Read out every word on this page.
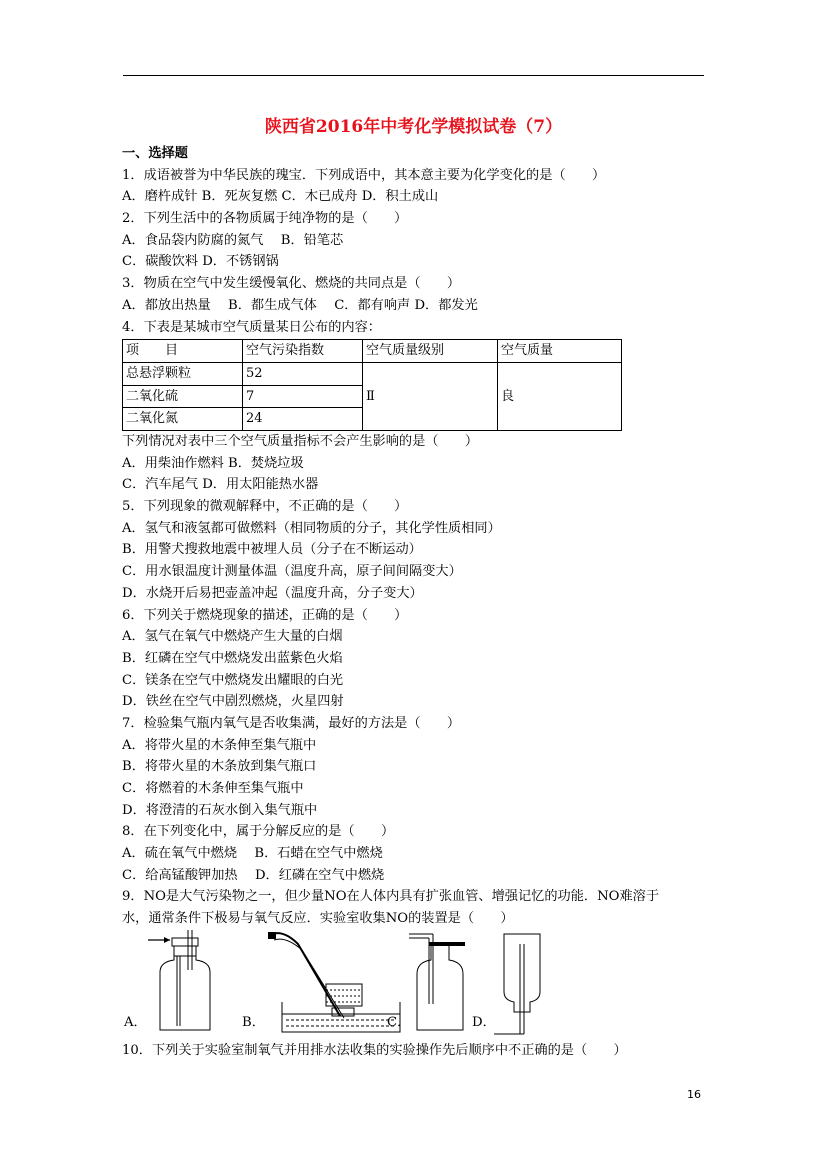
陕西省2016年中考化学模拟试卷（7）
一、选择题
1．成语被誉为中华民族的瑰宝．下列成语中，其本意主要为化学变化的是（　　）
A．磨杵成针 B．死灰复燃 C．木已成舟 D．积土成山
2．下列生活中的各物质属于纯净物的是（　　）
A．食品袋内防腐的氮气　 B．铅笔芯
C．碳酸饮料 D．不锈钢锅
3．物质在空气中发生缓慢氧化、燃烧的共同点是（　　）
A．都放出热量　 B．都生成气体　 C．都有响声 D．都发光
4．下表是某城市空气质量某日公布的内容：
项　　目	空气污染指数	空气质量级别	空气质量
总悬浮颗粒	52	Ⅱ	良
二氧化硫	7		
二氧化氮	24		
下列情况对表中三个空气质量指标不会产生影响的是（　　）
A．用柴油作燃料 B．焚烧垃圾
C．汽车尾气 D．用太阳能热水器
5．下列现象的微观解释中，不正确的是（　　）
A．氢气和液氢都可做燃料（相同物质的分子，其化学性质相同）
B．用警犬搜救地震中被埋人员（分子在不断运动）
C．用水银温度计测量体温（温度升高，原子间间隔变大）
D．水烧开后易把壶盖冲起（温度升高，分子变大）
6．下列关于燃烧现象的描述，正确的是（　　）
A．氢气在氧气中燃烧产生大量的白烟
B．红磷在空气中燃烧发出蓝紫色火焰
C．镁条在空气中燃烧发出耀眼的白光
D．铁丝在空气中剧烈燃烧，火星四射
7．检验集气瓶内氧气是否收集满，最好的方法是（　　）
A．将带火星的木条伸至集气瓶中
B．将带火星的木条放到集气瓶口
C．将燃着的木条伸至集气瓶中
D．将澄清的石灰水倒入集气瓶中
8．在下列变化中，属于分解反应的是（　　）
A．硫在氧气中燃烧　 B．石蜡在空气中燃烧
C．给高锰酸钾加热　 D．红磷在空气中燃烧
9．NO是大气污染物之一，但少量NO在人体内具有扩张血管、增强记忆的功能．NO难溶于
水，通常条件下极易与氧气反应．实验室收集NO的装置是（　　）
A．	B．	C．	D．
10．下列关于实验室制氧气并用排水法收集的实验操作先后顺序中不正确的是（　　）
16
